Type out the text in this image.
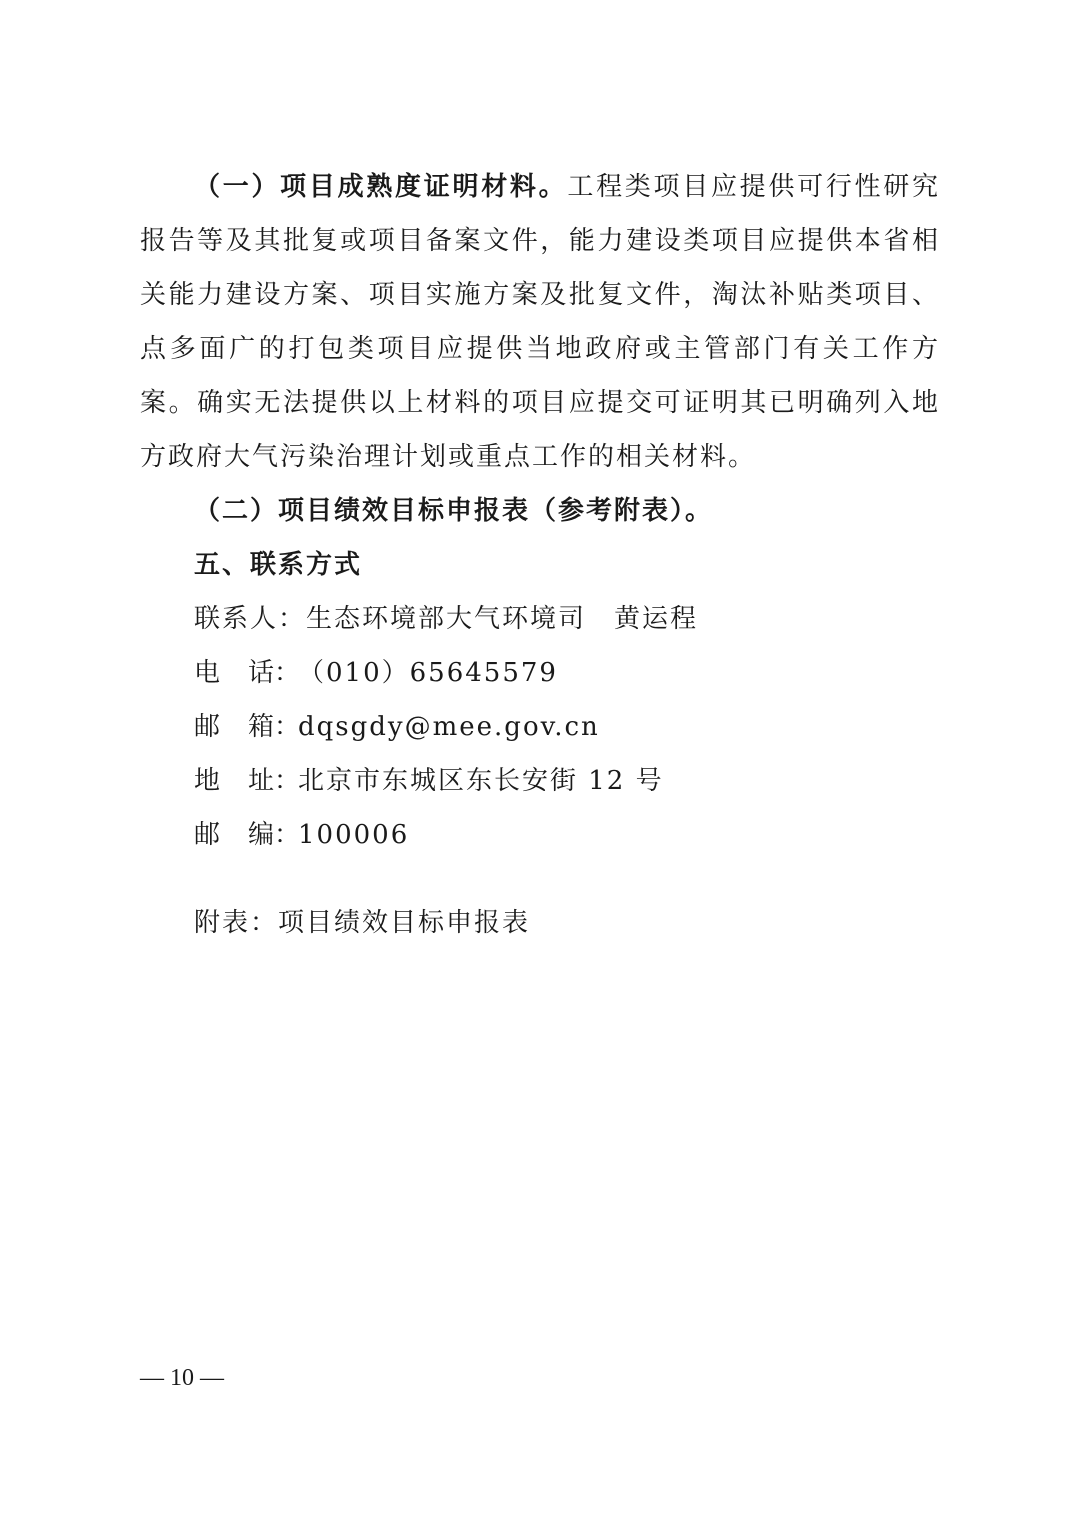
（一）项目成熟度证明材料。工程类项目应提供可行性研究报告等及其批复或项目备案文件，能力建设类项目应提供本省相关能力建设方案、项目实施方案及批复文件，淘汰补贴类项目、点多面广的打包类项目应提供当地政府或主管部门有关工作方案。确实无法提供以上材料的项目应提交可证明其已明确列入地方政府大气污染治理计划或重点工作的相关材料。

（二）项目绩效目标申报表（参考附表）。

五、联系方式

联系人：生态环境部大气环境司　黄运程

电 话：（010）65645579

邮 箱：dqsgdy@mee.gov.cn

地 址：北京市东城区东长安街 12 号

邮 编：100006

附表：项目绩效目标申报表

— 10 —
